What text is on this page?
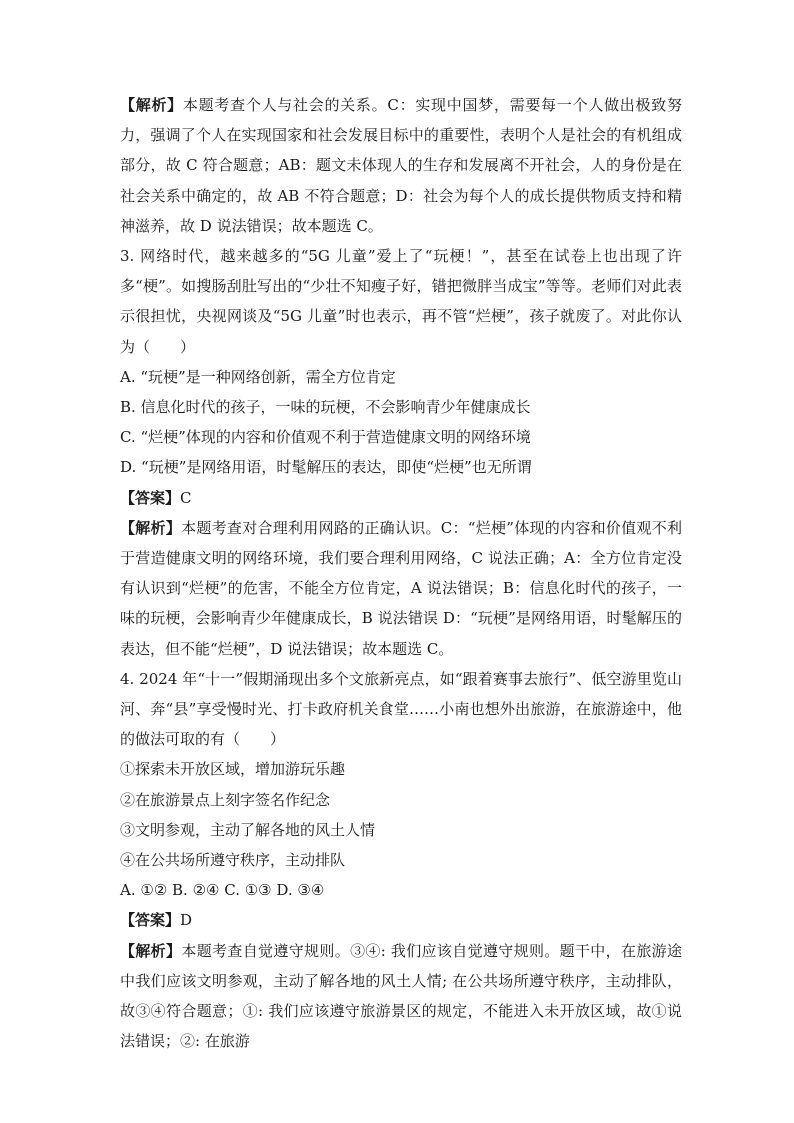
【解析】本题考查个人与社会的关系。C：实现中国梦，需要每一个人做出极致努力，强调了个人在实现国家和社会发展目标中的重要性，表明个人是社会的有机组成部分，故 C 符合题意；AB：题文未体现人的生存和发展离不开社会，人的身份是在社会关系中确定的，故 AB 不符合题意；D：社会为每个人的成长提供物质支持和精神滋养，故 D 说法错误；故本题选 C。

3. 网络时代，越来越多的“5G 儿童”爱上了“玩梗！”，甚至在试卷上也出现了许多“梗”。如搜肠刮肚写出的“少壮不知瘦子好，错把微胖当成宝”等等。老师们对此表示很担忧，央视网谈及“5G 儿童”时也表示，再不管“烂梗”，孩子就废了。对此你认为（　　）

A. “玩梗”是一种网络创新，需全方位肯定

B. 信息化时代的孩子，一味的玩梗，不会影响青少年健康成长

C. “烂梗”体现的内容和价值观不利于营造健康文明的网络环境

D. “玩梗”是网络用语，时髦解压的表达，即使“烂梗”也无所谓

【答案】C

【解析】本题考查对合理利用网路的正确认识。C：“烂梗”体现的内容和价值观不利于营造健康文明的网络环境，我们要合理利用网络，C 说法正确；A：全方位肯定没有认识到“烂梗”的危害，不能全方位肯定，A 说法错误；B：信息化时代的孩子，一味的玩梗，会影响青少年健康成长，B 说法错误 D：“玩梗”是网络用语，时髦解压的表达，但不能“烂梗”，D 说法错误；故本题选 C。

4. 2024 年“十一”假期涌现出多个文旅新亮点，如“跟着赛事去旅行”、低空游里览山河、奔“县”享受慢时光、打卡政府机关食堂……小南也想外出旅游，在旅游途中，他的做法可取的有（　　）

①探索未开放区域，增加游玩乐趣

②在旅游景点上刻字签名作纪念

③文明参观，主动了解各地的风土人情

④在公共场所遵守秩序，主动排队

A. ①② B. ②④ C. ①③ D. ③④

【答案】D

【解析】本题考查自觉遵守规则。③④: 我们应该自觉遵守规则。题干中，在旅游途中我们应该文明参观，主动了解各地的风土人情; 在公共场所遵守秩序，主动排队，故③④符合题意；①: 我们应该遵守旅游景区的规定，不能进入未开放区域，故①说法错误；②: 在旅游
